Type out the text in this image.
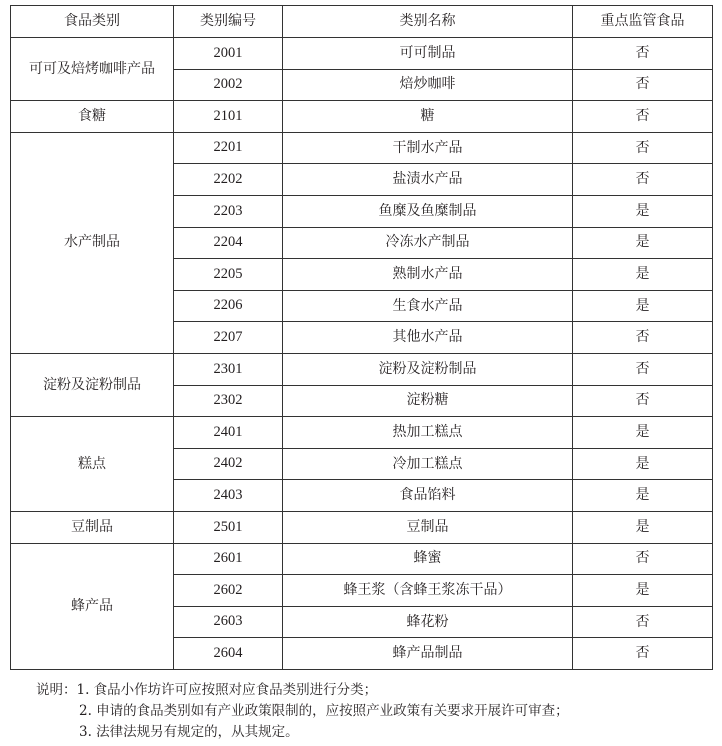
食品类别	类别编号	类别名称	重点监管食品
可可及焙烤咖啡产品	2001	可可制品	否
	2002	焙炒咖啡	否
食糖	2101	糖	否
水产制品	2201	干制水产品	否
	2202	盐渍水产品	否
	2203	鱼糜及鱼糜制品	是
	2204	冷冻水产制品	是
	2205	熟制水产品	是
	2206	生食水产品	是
	2207	其他水产品	否
淀粉及淀粉制品	2301	淀粉及淀粉制品	否
	2302	淀粉糖	否
糕点	2401	热加工糕点	是
	2402	冷加工糕点	是
	2403	食品馅料	是
豆制品	2501	豆制品	是
蜂产品	2601	蜂蜜	否
	2602	蜂王浆（含蜂王浆冻干品）	是
	2603	蜂花粉	否
	2604	蜂产品制品	否
说明：1. 食品小作坊许可应按照对应食品类别进行分类；
2. 申请的食品类别如有产业政策限制的，应按照产业政策有关要求开展许可审查；
3. 法律法规另有规定的，从其规定。
